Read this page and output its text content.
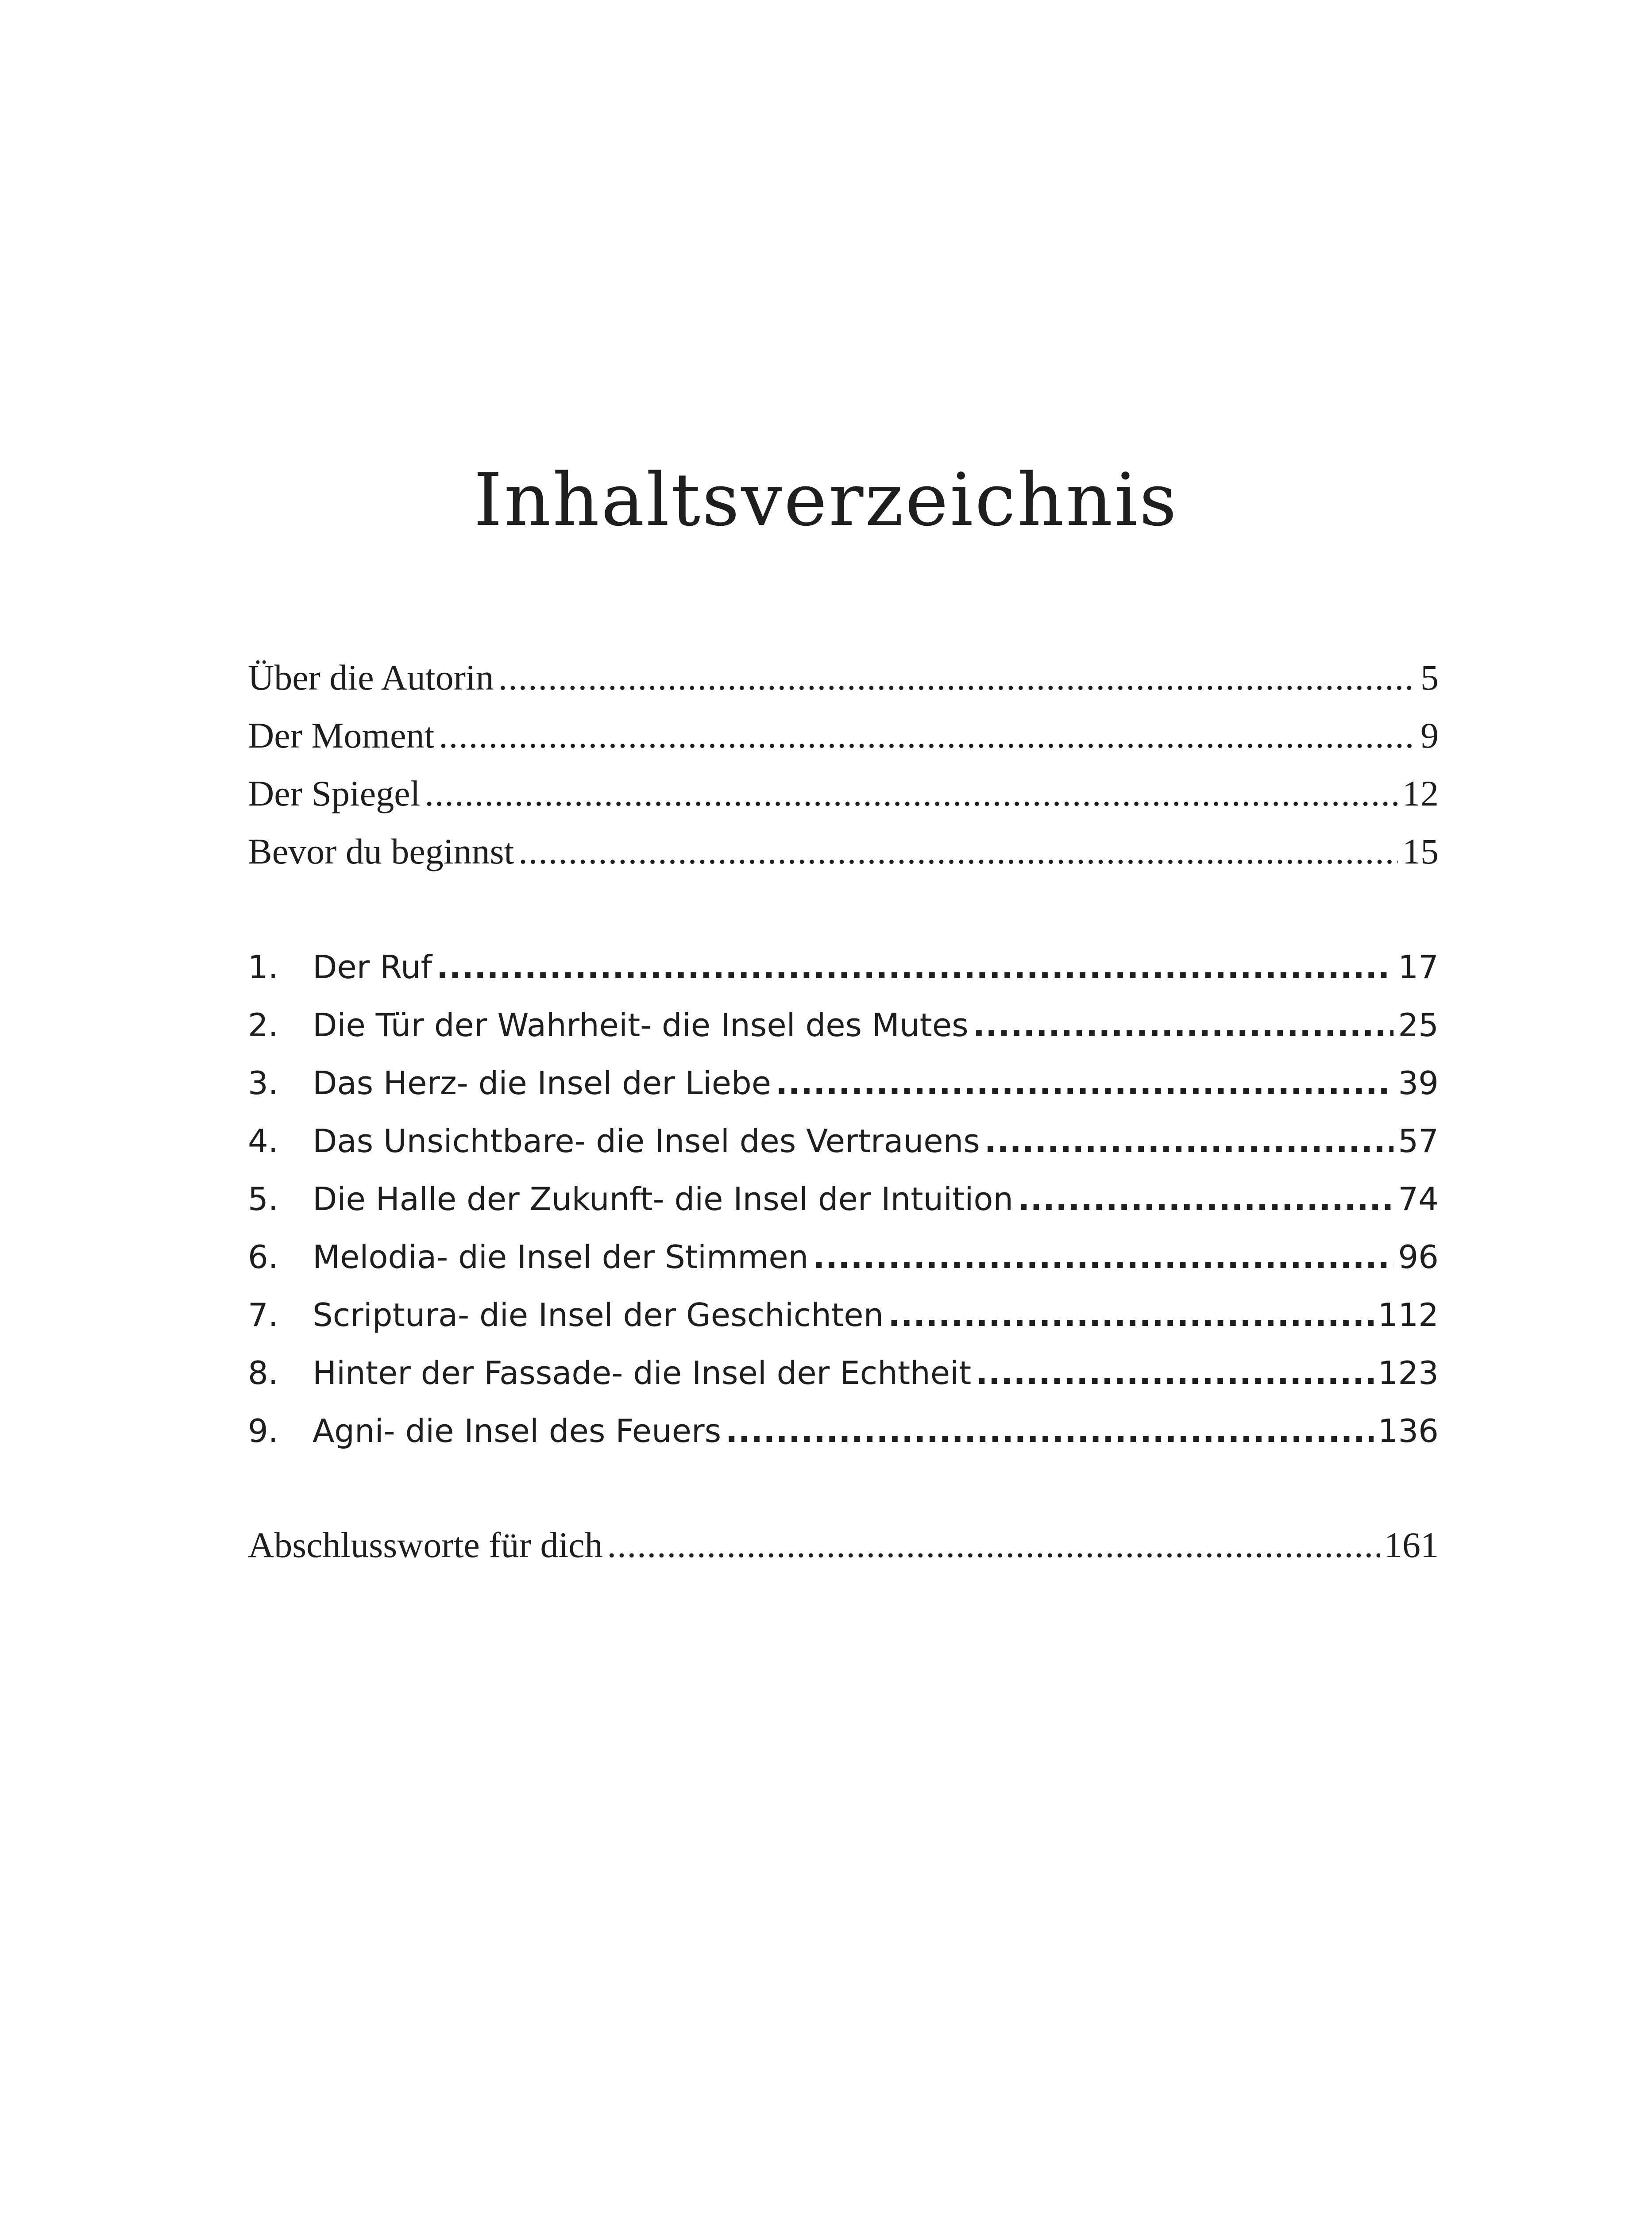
Inhaltsverzeichnis
Über die Autorin .....	5
Der Moment .....	9
Der Spiegel .....	12
Bevor du beginnst .....	15
1.	Der Ruf .....	17
2.	Die Tür der Wahrheit- die Insel des Mutes .....	25
3.	Das Herz- die Insel der Liebe .....	39
4.	Das Unsichtbare- die Insel des Vertrauens .....	57
5.	Die Halle der Zukunft- die Insel der Intuition .....	74
6.	Melodia- die Insel der Stimmen .....	96
7.	Scriptura- die Insel der Geschichten .....	112
8.	Hinter der Fassade- die Insel der Echtheit .....	123
9.	Agni- die Insel des Feuers .....	136
Abschlussworte für dich .....	161
